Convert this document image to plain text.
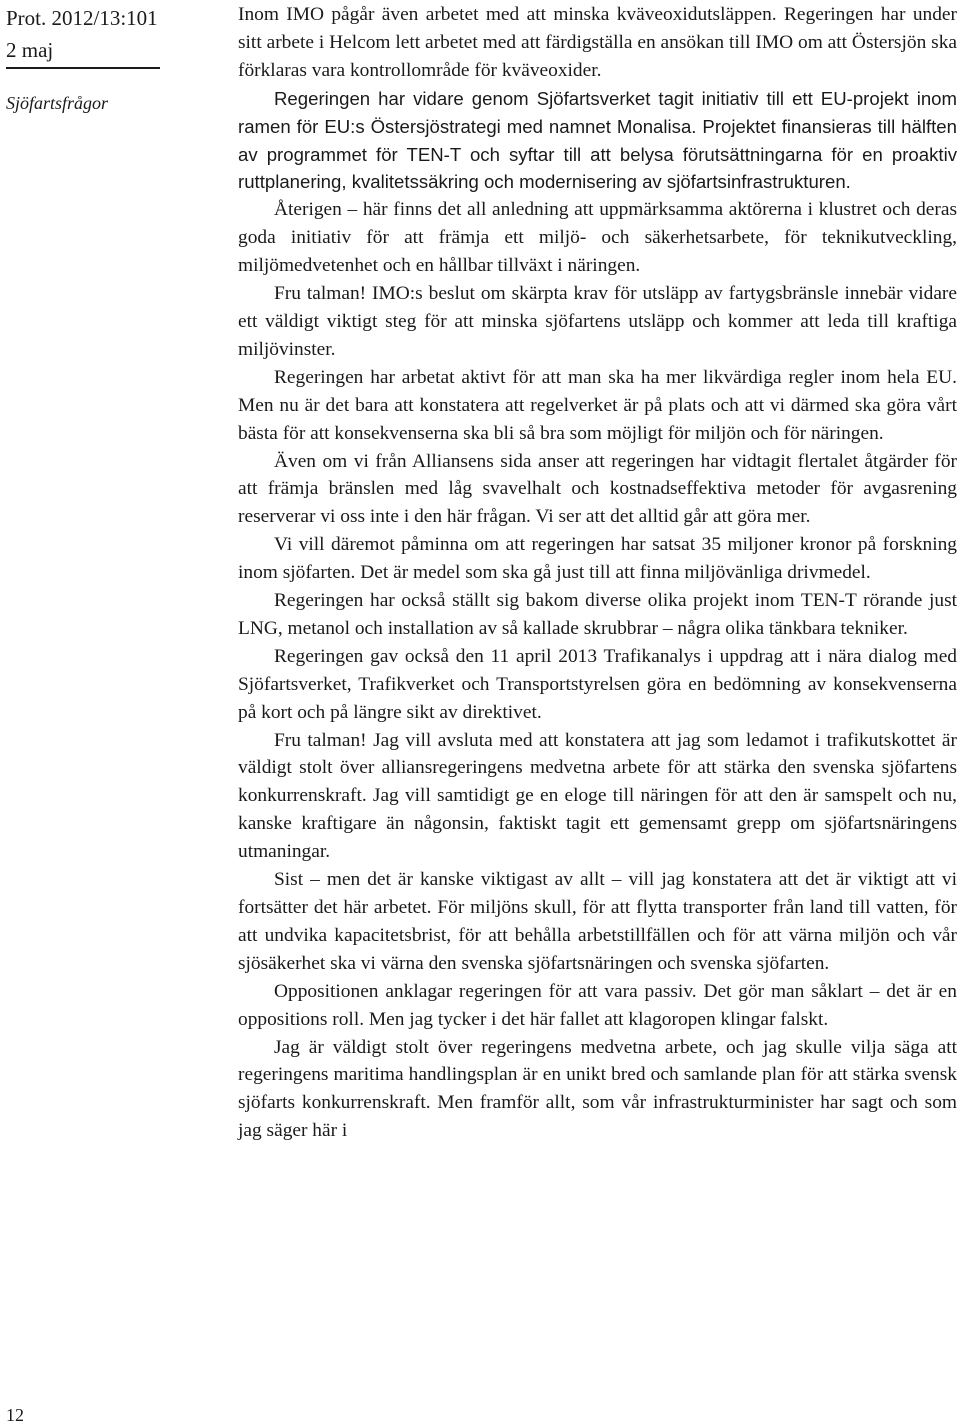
Prot. 2012/13:101
2 maj
Sjöfartsfrågor
12

Inom IMO pågår även arbetet med att minska kväveoxidutsläppen. Regeringen har under sitt arbete i Helcom lett arbetet med att färdigställa en ansökan till IMO om att Östersjön ska förklaras vara kontrollområde för kväveoxider.

Regeringen har vidare genom Sjöfartsverket tagit initiativ till ett EU-projekt inom ramen för EU:s Östersjöstrategi med namnet Monalisa. Projektet finansieras till hälften av programmet för TEN-T och syftar till att belysa förutsättningarna för en proaktiv ruttplanering, kvalitetssäkring och modernisering av sjöfartsinfrastrukturen.

Återigen – här finns det all anledning att uppmärksamma aktörerna i klustret och deras goda initiativ för att främja ett miljö- och säkerhetsarbete, för teknikutveckling, miljömedvetenhet och en hållbar tillväxt i näringen.

Fru talman! IMO:s beslut om skärpta krav för utsläpp av fartygsbränsle innebär vidare ett väldigt viktigt steg för att minska sjöfartens utsläpp och kommer att leda till kraftiga miljövinster.

Regeringen har arbetat aktivt för att man ska ha mer likvärdiga regler inom hela EU. Men nu är det bara att konstatera att regelverket är på plats och att vi därmed ska göra vårt bästa för att konsekvenserna ska bli så bra som möjligt för miljön och för näringen.

Även om vi från Alliansens sida anser att regeringen har vidtagit flertalet åtgärder för att främja bränslen med låg svavelhalt och kostnadseffektiva metoder för avgasrening reserverar vi oss inte i den här frågan. Vi ser att det alltid går att göra mer.

Vi vill däremot påminna om att regeringen har satsat 35 miljoner kronor på forskning inom sjöfarten. Det är medel som ska gå just till att finna miljövänliga drivmedel.

Regeringen har också ställt sig bakom diverse olika projekt inom TEN-T rörande just LNG, metanol och installation av så kallade skrubbrar – några olika tänkbara tekniker.

Regeringen gav också den 11 april 2013 Trafikanalys i uppdrag att i nära dialog med Sjöfartsverket, Trafikverket och Transportstyrelsen göra en bedömning av konsekvenserna på kort och på längre sikt av direktivet.

Fru talman! Jag vill avsluta med att konstatera att jag som ledamot i trafikutskottet är väldigt stolt över alliansregeringens medvetna arbete för att stärka den svenska sjöfartens konkurrenskraft. Jag vill samtidigt ge en eloge till näringen för att den är samspelt och nu, kanske kraftigare än någonsin, faktiskt tagit ett gemensamt grepp om sjöfartsnäringens utmaningar.

Sist – men det är kanske viktigast av allt – vill jag konstatera att det är viktigt att vi fortsätter det här arbetet. För miljöns skull, för att flytta transporter från land till vatten, för att undvika kapacitetsbrist, för att behålla arbetstillfällen och för att värna miljön och vår sjösäkerhet ska vi värna den svenska sjöfartsnäringen och svenska sjöfarten.

Oppositionen anklagar regeringen för att vara passiv. Det gör man såklart – det är en oppositions roll. Men jag tycker i det här fallet att klagoropen klingar falskt.

Jag är väldigt stolt över regeringens medvetna arbete, och jag skulle vilja säga att regeringens maritima handlingsplan är en unikt bred och samlande plan för att stärka svensk sjöfarts konkurrenskraft. Men framför allt, som vår infrastrukturminister har sagt och som jag säger här i
